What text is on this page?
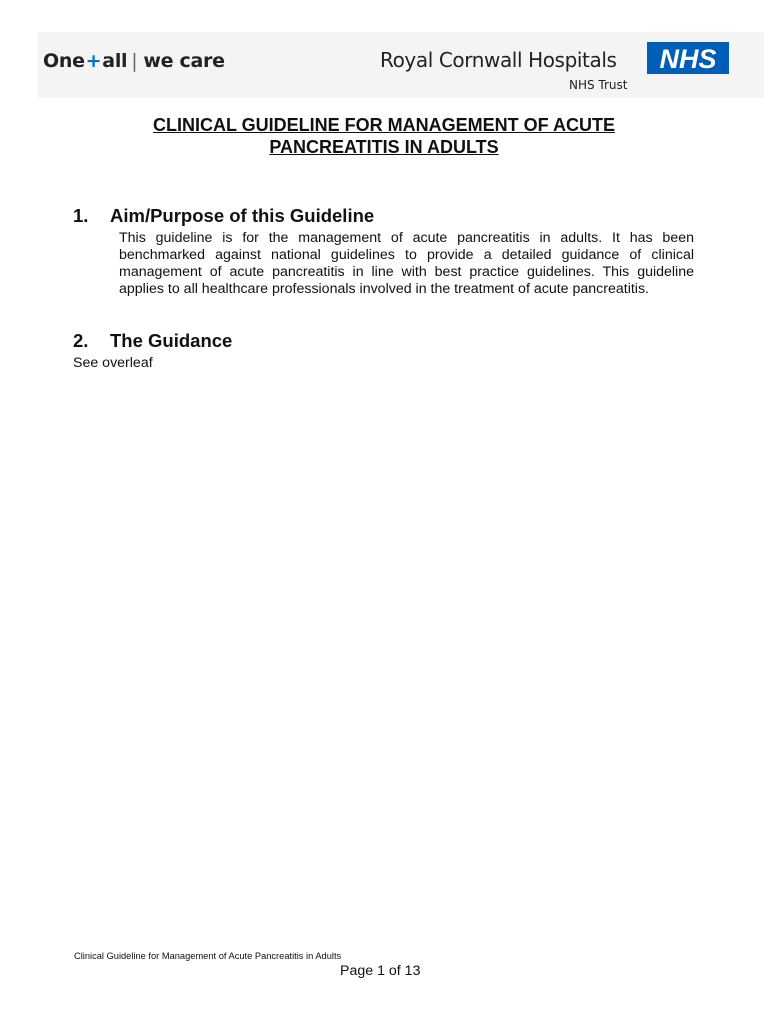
One+all | we care	Royal Cornwall Hospitals
NHS Trust
NHS
CLINICAL GUIDELINE FOR MANAGEMENT OF ACUTE
PANCREATITIS IN ADULTS
1. Aim/Purpose of this Guideline
This guideline is for the management of acute pancreatitis in adults. It has been benchmarked against national guidelines to provide a detailed guidance of clinical management of acute pancreatitis in line with best practice guidelines. This guideline applies to all healthcare professionals involved in the treatment of acute pancreatitis.
2. The Guidance
See overleaf
Clinical Guideline for Management of Acute Pancreatitis in Adults
Page 1 of 13
